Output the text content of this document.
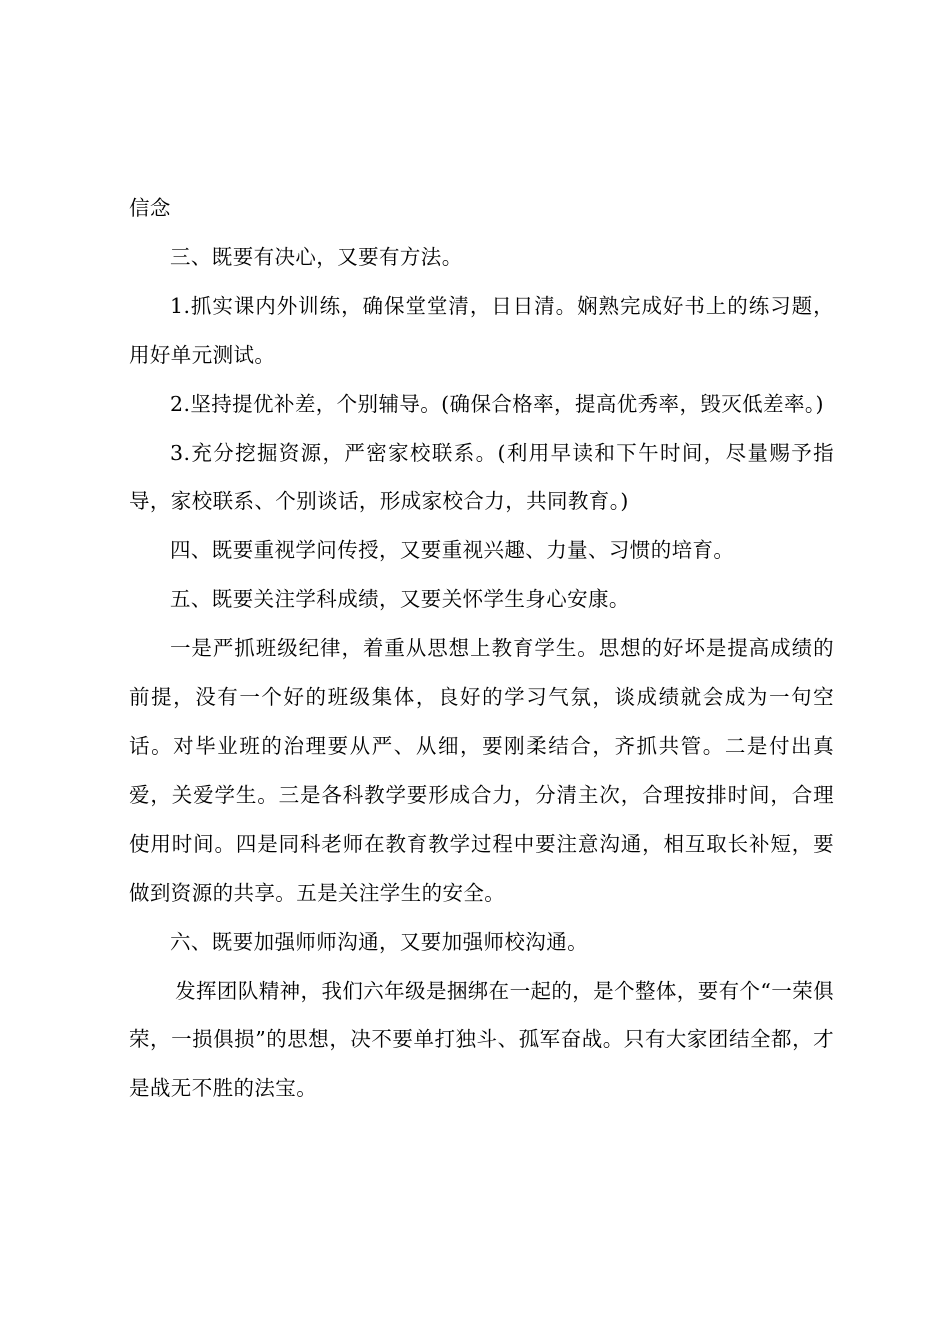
信念

三、既要有决心，又要有方法。

1.抓实课内外训练，确保堂堂清，日日清。娴熟完成好书上的练习题，用好单元测试。

2.坚持提优补差，个别辅导。(确保合格率，提高优秀率，毁灭低差率。)

3.充分挖掘资源，严密家校联系。(利用早读和下午时间，尽量赐予指导，家校联系、个别谈话，形成家校合力，共同教育。)

四、既要重视学问传授，又要重视兴趣、力量、习惯的培育。

五、既要关注学科成绩，又要关怀学生身心安康。

一是严抓班级纪律，着重从思想上教育学生。思想的好坏是提高成绩的前提，没有一个好的班级集体，良好的学习气氛，谈成绩就会成为一句空话。对毕业班的治理要从严、从细，要刚柔结合，齐抓共管。二是付出真爱，关爱学生。三是各科教学要形成合力，分清主次，合理按排时间，合理使用时间。四是同科老师在教育教学过程中要注意沟通，相互取长补短，要做到资源的共享。五是关注学生的安全。

六、既要加强师师沟通，又要加强师校沟通。

发挥团队精神，我们六年级是捆绑在一起的，是个整体，要有个“一荣俱荣，一损俱损”的思想，决不要单打独斗、孤军奋战。只有大家团结全都，才是战无不胜的法宝。
